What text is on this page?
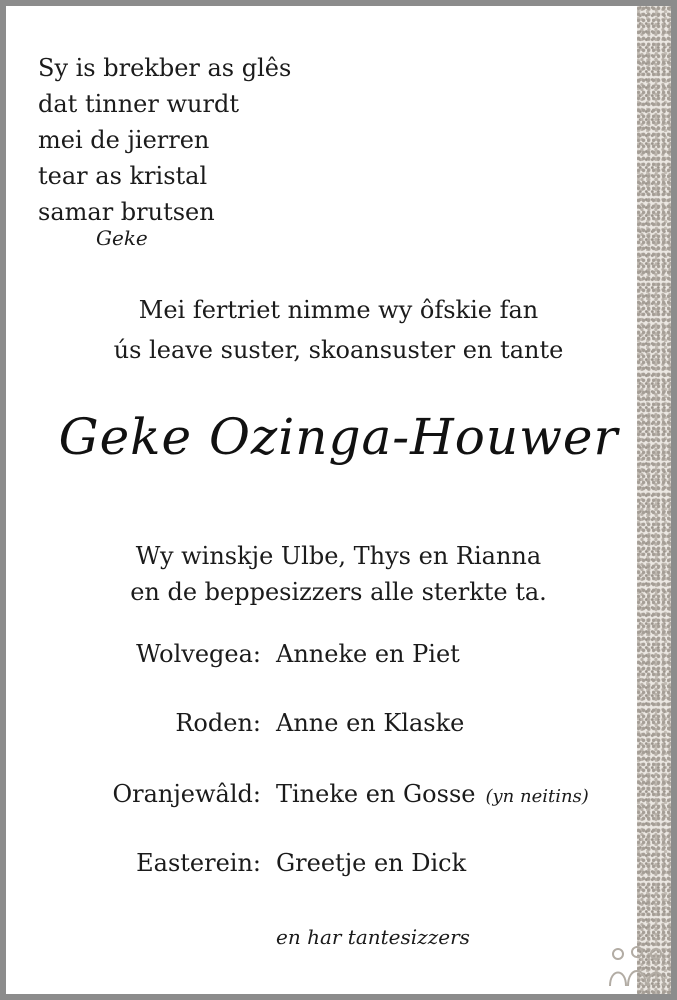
Sy is brekber as glês
dat tinner wurdt
mei de jierren
tear as kristal
samar brutsen
Geke
Mei fertriet nimme wy ôfskie fan
ús leave suster, skoansuster en tante
Geke Ozinga-Houwer
Wy winskje Ulbe, Thys en Rianna
en de beppesizzers alle sterkte ta.
Wolvegea: Anneke en Piet
Roden: Anne en Klaske
Oranjewâld: Tineke en Gosse (yn neitins)
Easterein: Greetje en Dick
en har tantesizzers
